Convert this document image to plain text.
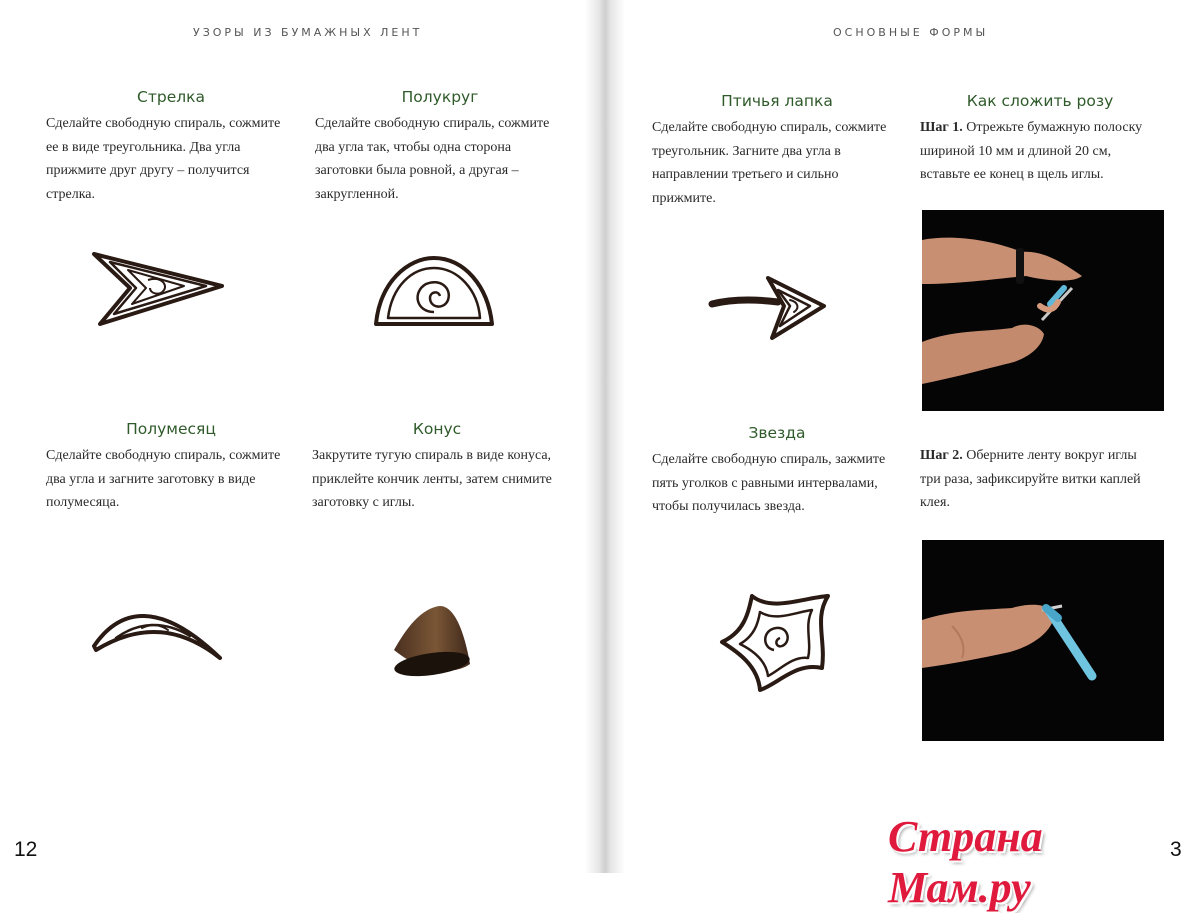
УЗОРЫ ИЗ БУМАЖНЫХ ЛЕНТ	ОСНОВНЫЕ ФОРМЫ
Стрелка

Сделайте свободную спираль, сожмите ее в виде треугольника. Два угла прижмите друг другу – получится стрелка.

Полукруг

Сделайте свободную спираль, сожмите два угла так, чтобы одна сторона заготовки была ровной, а другая – закругленной.

Полумесяц

Сделайте свободную спираль, сожмите два угла и загните заготовку в виде полумесяца.

Конус

Закрутите тугую спираль в виде конуса, приклейте кончик ленты, затем снимите заготовку с иглы.

Птичья лапка

Сделайте свободную спираль, сожмите треугольник. Загните два угла в направлении третьего и сильно прижмите.

Звезда

Сделайте свободную спираль, зажмите пять уголков с равными интервалами, чтобы получилась звезда.

Как сложить розу

Шаг 1. Отрежьте бумажную полоску шириной 10 мм и длиной 20 см, вставьте ее конец в щель иглы.

Шаг 2. Оберните ленту вокруг иглы три раза, зафиксируйте витки каплей клея.

12	3
Страна Мам.ру
